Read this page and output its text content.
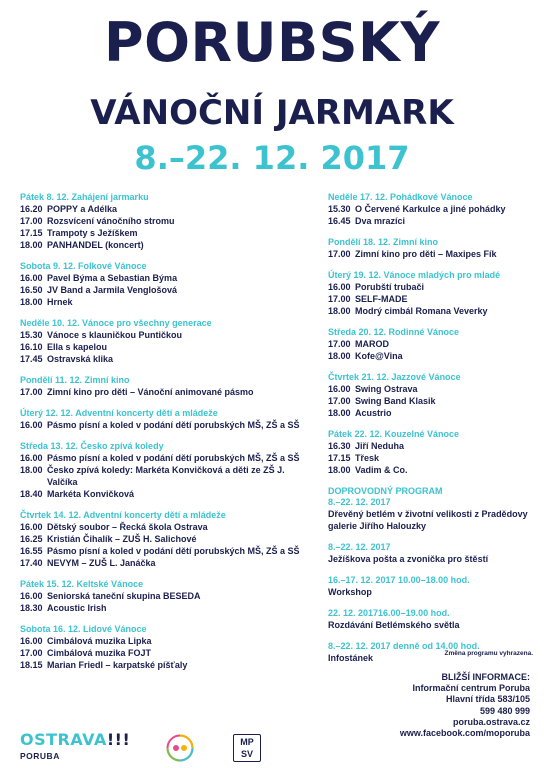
PORUBSKÝ
VÁNOČNÍ JARMARK
8.–22. 12. 2017
Pátek 8. 12. Zahájení jarmarku
16.20 POPPY a Adélka
17.00 Rozsvícení vánočního stromu
17.15 Trampoty s Ježíškem
18.00 PANHANDEL (koncert)
Sobota 9. 12. Folkové Vánoce
16.00 Pavel Býma a Sebastian Býma
16.50 JV Band a Jarmila Venglošová
18.00 Hrnek
Neděle 10. 12. Vánoce pro všechny generace
15.30 Vánoce s klauničkou Puntičkou
16.10 Ella s kapelou
17.45 Ostravská klika
Pondělí 11. 12. Zimní kino
17.00 Zimní kino pro děti – Vánoční animované pásmo
Úterý 12. 12. Adventní koncerty dětí a mládeže
16.00 Pásmo písní a koled v podání dětí porubských MŠ, ZŠ a SŠ
Středa 13. 12. Česko zpívá koledy
16.00 Pásmo písní a koled v podání dětí porubských MŠ, ZŠ a SŠ
18.00 Česko zpívá koledy: Markéta Konvičková a děti ze ZŠ J. Valčíka
18.40 Markéta Konvičková
Čtvrtek 14. 12. Adventní koncerty dětí a mládeže
16.00 Dětský soubor – Řecká škola Ostrava
16.25 Kristián Čihalík – ZUŠ H. Salichové
16.55 Pásmo písní a koled v podání dětí porubských MŠ, ZŠ a SŠ
17.40 NEVYM – ZUŠ L. Janáčka
Pátek 15. 12. Keltské Vánoce
16.00 Seniorská taneční skupina BESEDA
18.30 Acoustic Irish
Sobota 16. 12. Lidové Vánoce
16.00 Cimbálová muzika Lipka
17.00 Cimbálová muzika FOJT
18.15 Marian Friedl – karpatské píšťaly
Neděle 17. 12. Pohádkové Vánoce
15.30 O Červené Karkulce a jiné pohádky
16.45 Dva mrazíci
Pondělí 18. 12. Zimní kino
17.00 Zimní kino pro děti – Maxipes Fík
Úterý 19. 12. Vánoce mladých pro mladé
16.00 Porubští trubači
17.00 SELF-MADE
18.00 Modrý cimbál Romana Veverky
Středa 20. 12. Rodinné Vánoce
17.00 MAROD
18.00 Kofe@Vina
Čtvrtek 21. 12. Jazzové Vánoce
16.00 Swing Ostrava
17.00 Swing Band Klasik
18.00 Acustrio
Pátek 22. 12. Kouzelné Vánoce
16.30 Jiří Neduha
17.15 Třesk
18.00 Vadim & Co.
DOPROVODNÝ PROGRAM
8.–22. 12. 2017
Dřevěný betlém v životní velikosti z Pradědovy galerie Jiřího Halouzky
8.–22. 12. 2017
Ježíškova pošta a zvonička pro štěstí
16.–17. 12. 2017 10.00–18.00 hod.
Workshop
22. 12. 201716.00–19.00 hod.
Rozdávání Betlémského světla
8.–22. 12. 2017 denně od 14.00 hod.
Infostánek	Změna programu vyhrazena.
BLIŽŠÍ INFORMACE:
Informační centrum Poruba
Hlavní třída 583/105
599 480 999
poruba.ostrava.cz
www.facebook.com/moporuba
OSTRAVA!!!
PORUBA
MP
SV
